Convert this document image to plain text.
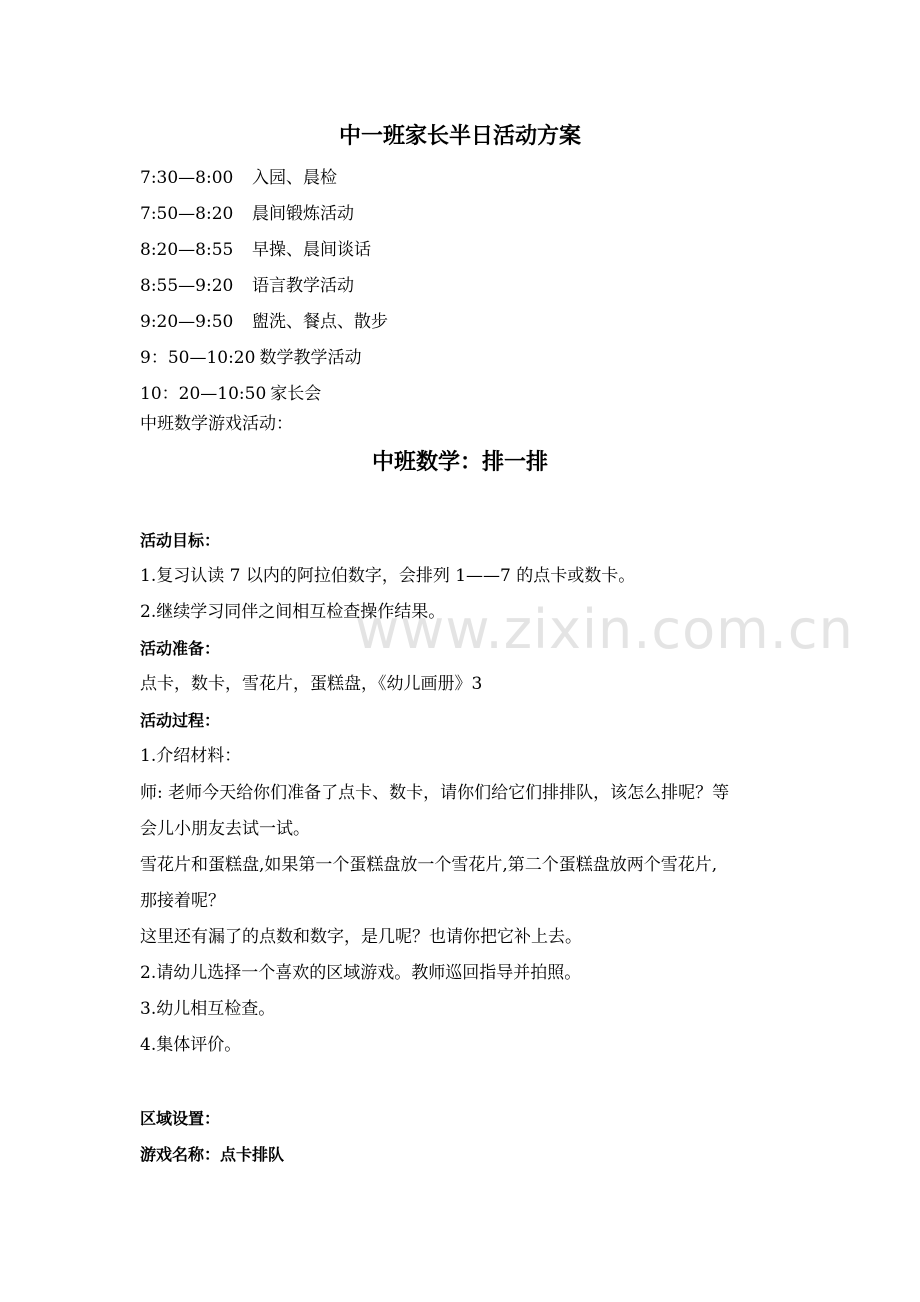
中一班家长半日活动方案
7:30—8:00 入园、晨检
7:50—8:20 晨间锻炼活动
8:20—8:55 早操、晨间谈话
8:55—9:20 语言教学活动
9:20—9:50 盥洗、餐点、散步
9：50—10:20 数学教学活动
10：20—10:50 家长会
中班数学游戏活动：
中班数学：排一排
活动目标：
1.复习认读 7 以内的阿拉伯数字，会排列 1——7 的点卡或数卡。
2.继续学习同伴之间相互检查操作结果。
活动准备：
点卡，数卡，雪花片，蛋糕盘，《幼儿画册》3
活动过程：
1.介绍材料：
师: 老师今天给你们准备了点卡、数卡，请你们给它们排排队，该怎么排呢？等
会儿小朋友去试一试。
雪花片和蛋糕盘,如果第一个蛋糕盘放一个雪花片,第二个蛋糕盘放两个雪花片,
那接着呢？
这里还有漏了的点数和数字，是几呢？也请你把它补上去。
2.请幼儿选择一个喜欢的区域游戏。教师巡回指导并拍照。
3.幼儿相互检查。
4.集体评价。
区域设置：
游戏名称：点卡排队
www.zixin.com.cn
